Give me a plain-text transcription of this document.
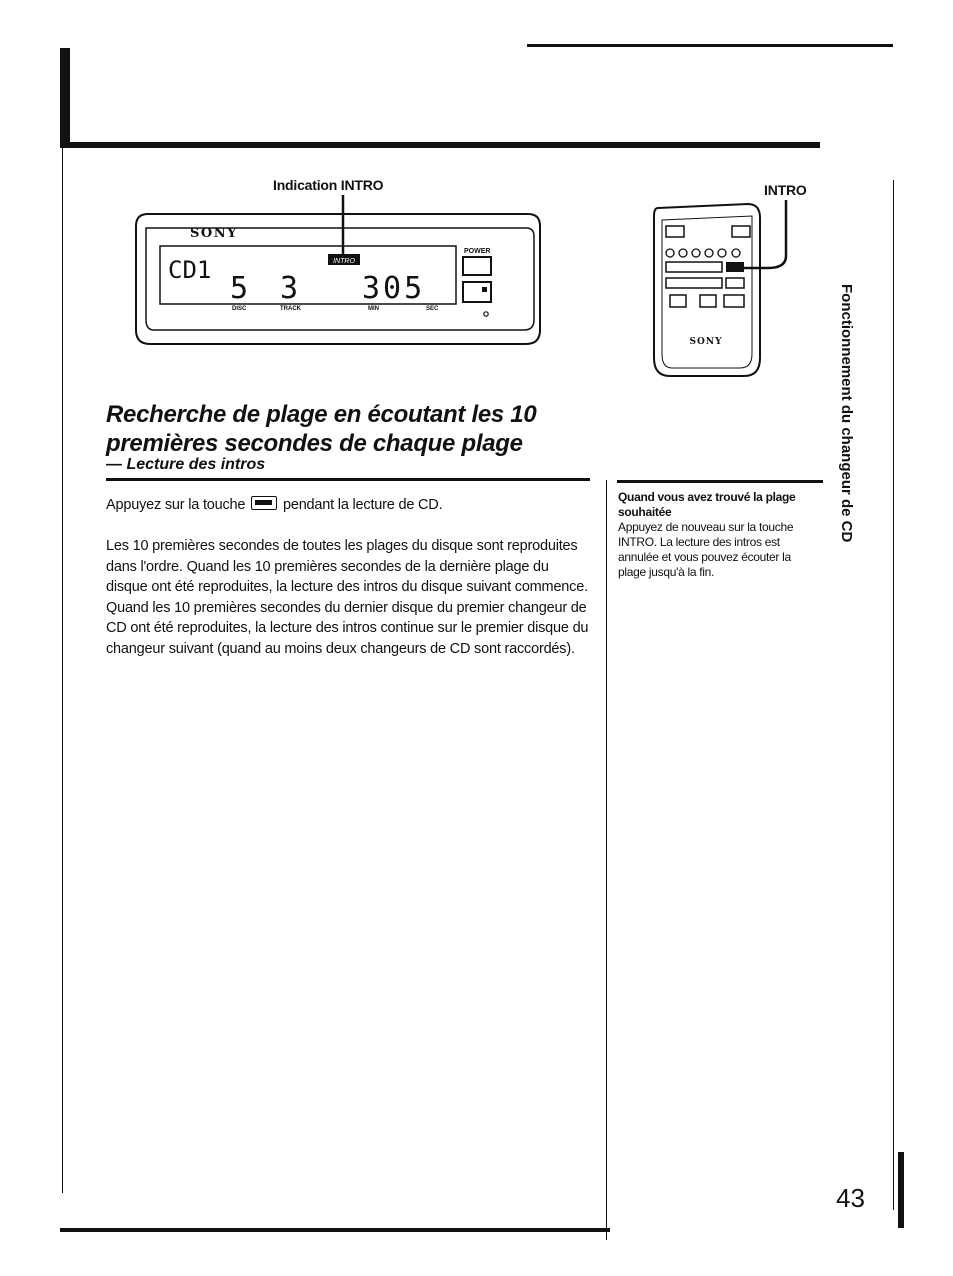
Indication INTRO	INTRO
SONY
INTRO
CD1
5 3 305
DISC	TRACK	MIN	SEC
POWER
SONY
Recherche de plage en écoutant les 10
premières secondes de chaque plage
— Lecture des intros

Appuyez sur la touche	pendant la lecture de CD.

Les 10 premières secondes de toutes les plages du disque sont reproduites dans l'ordre. Quand les 10 premières secondes de la dernière plage du disque ont été reproduites, la lecture des intros du disque suivant commence.

Quand les 10 premières secondes du dernier disque du premier changeur de CD ont été reproduites, la lecture des intros continue sur le premier disque du changeur suivant (quand au moins deux changeurs de CD sont raccordés).

Quand vous avez trouvé la plage souhaitée

Appuyez de nouveau sur la touche INTRO. La lecture des intros est annulée et vous pouvez écouter la plage jusqu'à la fin.

Fonctionnement du changeur de CD
43
